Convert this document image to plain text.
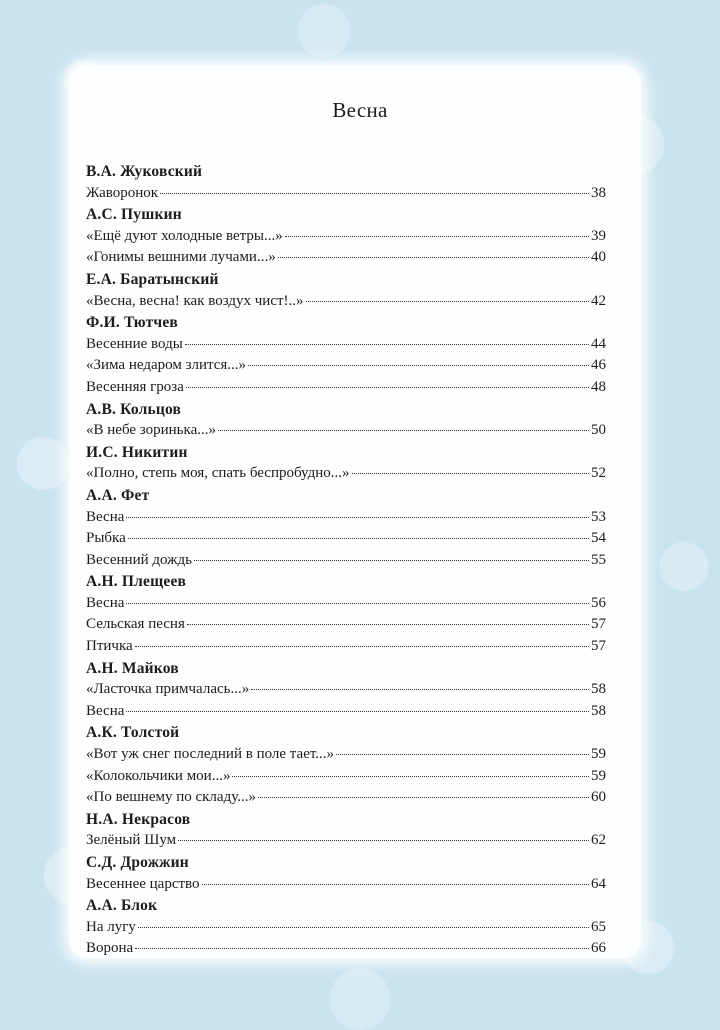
Весна
В.А. Жуковский
Жаворонок	38
А.С. Пушкин
«Ещё дуют холодные ветры...»	39
«Гонимы вешними лучами...»	40
Е.А. Баратынский
«Весна, весна! как воздух чист!..»	42
Ф.И. Тютчев
Весенние воды	44
«Зима недаром злится...»	46
Весенняя гроза	48
А.В. Кольцов
«В небе зоринька...»	50
И.С. Никитин
«Полно, степь моя, спать беспробудно...»	52
А.А. Фет
Весна	53
Рыбка	54
Весенний дождь	55
А.Н. Плещеев
Весна	56
Сельская песня	57
Птичка	57
А.Н. Майков
«Ласточка примчалась...»	58
Весна	58
А.К. Толстой
«Вот уж снег последний в поле тает...»	59
«Колокольчики мои...»	59
«По вешнему по складу...»	60
Н.А. Некрасов
Зелёный Шум	62
С.Д. Дрожжин
Весеннее царство	64
А.А. Блок
На лугу	65
Ворона	66
